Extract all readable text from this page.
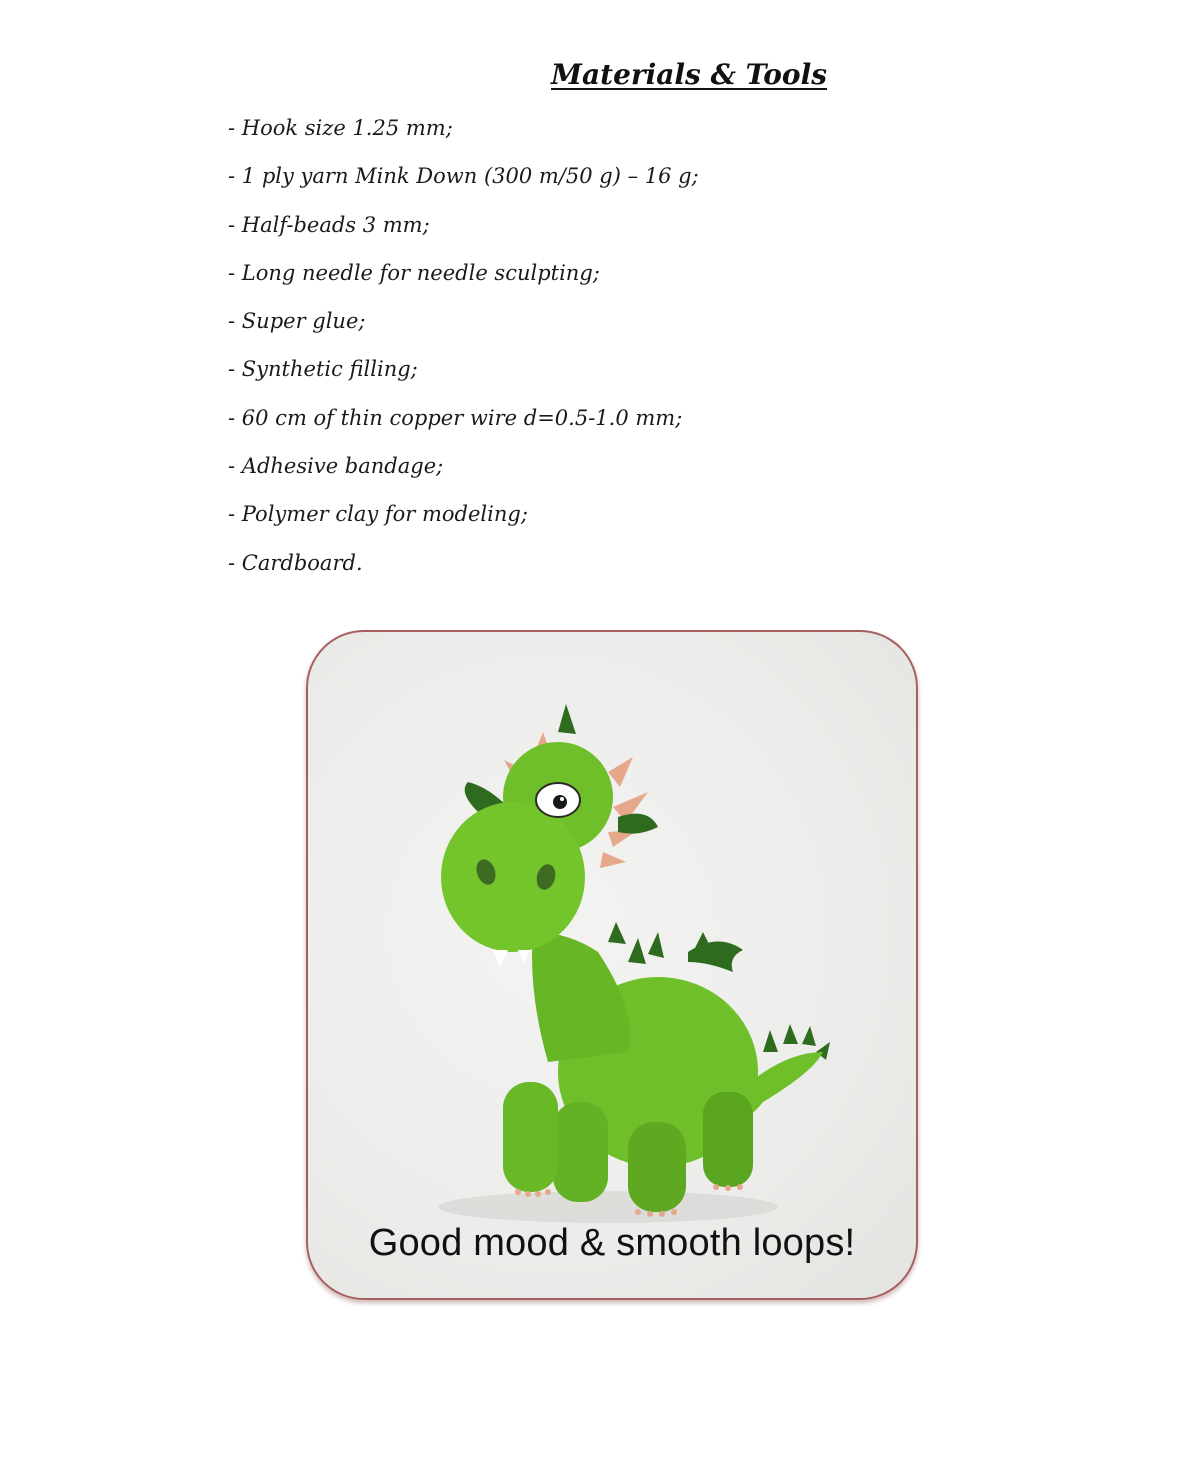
Materials & Tools
- Hook size 1.25 mm;
- 1 ply yarn Mink Down (300 m/50 g) – 16 g;
- Half-beads 3 mm;
- Long needle for needle sculpting;
- Super glue;
- Synthetic filling;
- 60 cm of thin copper wire d=0.5-1.0 mm;
- Adhesive bandage;
- Polymer clay for modeling;
- Cardboard.
Good mood & smooth loops!
